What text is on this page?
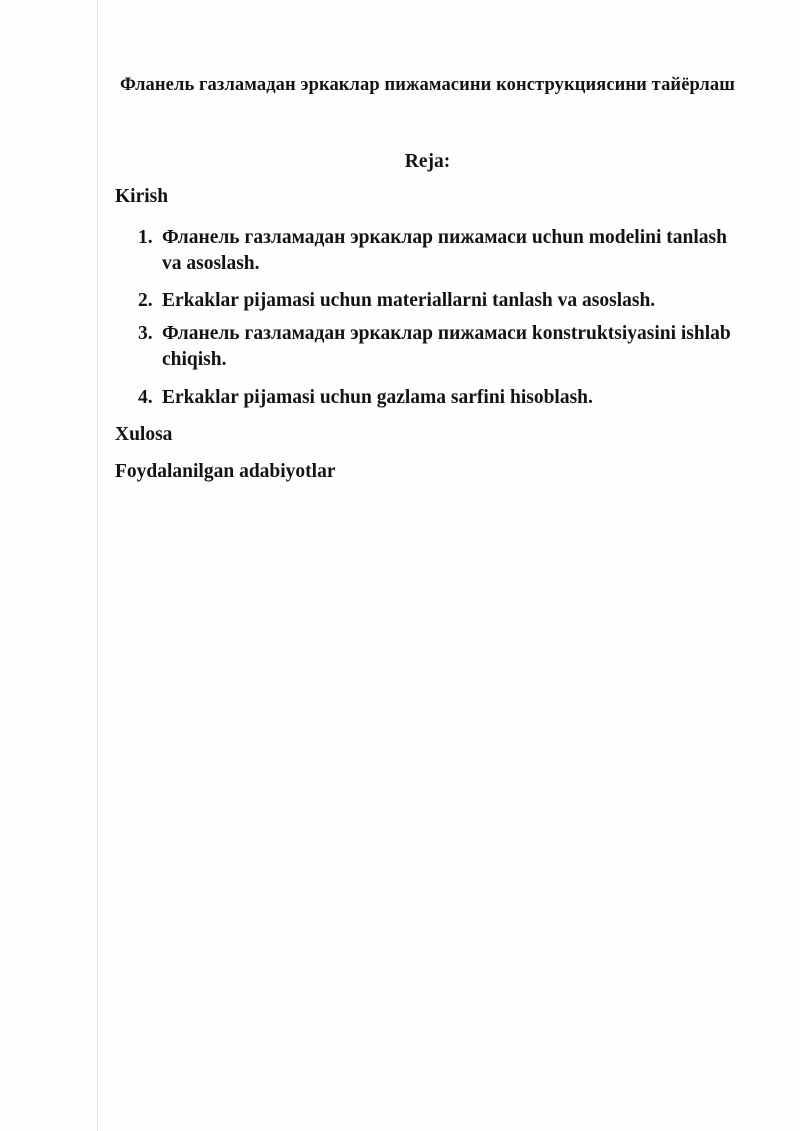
Фланель газламадан эркаклар пижамасини конструкциясини тайёрлаш
Reja:
Kirish
1. Фланель газламадан эркаклар пижамаси uchun modelini tanlash va asoslash.
2. Erkaklar pijamasi uchun materiallarni tanlash va asoslash.
3. Фланель газламадан эркаклар пижамаси konstruktsiyasini ishlab chiqish.
4. Erkaklar pijamasi uchun gazlama sarfini hisoblash.
Xulosa
Foydalanilgan adabiyotlar
